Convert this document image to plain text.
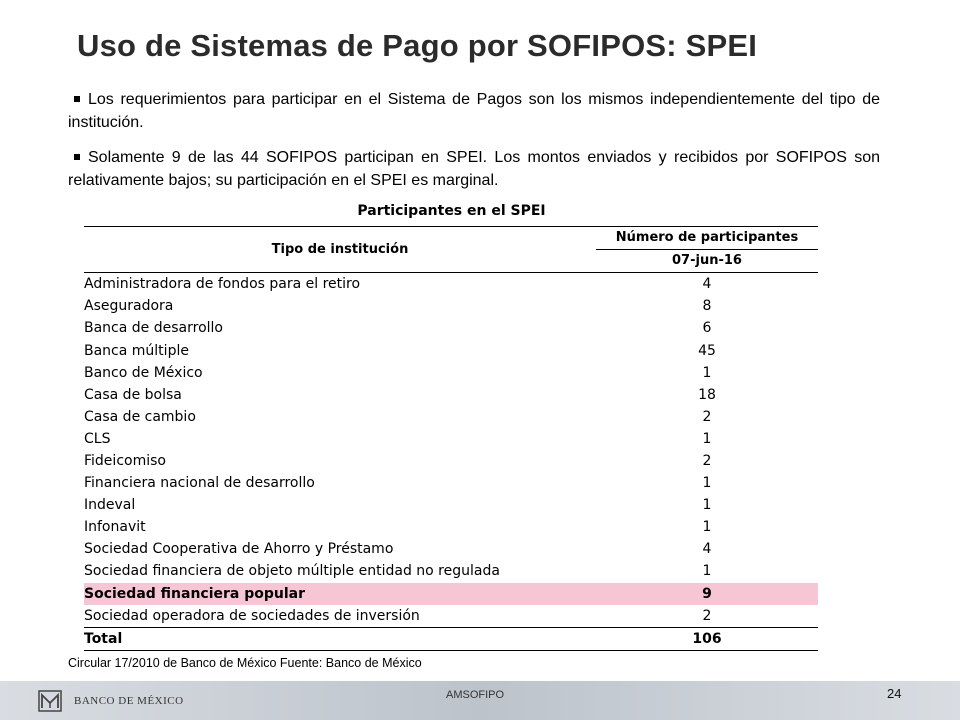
Uso de Sistemas de Pago por SOFIPOS: SPEI

Los requerimientos para participar en el Sistema de Pagos son los mismos independientemente del tipo de institución.

Solamente 9 de las 44 SOFIPOS participan en SPEI. Los montos enviados y recibidos por SOFIPOS son relativamente bajos; su participación en el SPEI es marginal.

Participantes en el SPEI
Tipo de institución	Número de participantes
	07-jun-16
Administradora de fondos para el retiro	4
Aseguradora	8
Banca de desarrollo	6
Banca múltiple	45
Banco de México	1
Casa de bolsa	18
Casa de cambio	2
CLS	1
Fideicomiso	2
Financiera nacional de desarrollo	1
Indeval	1
Infonavit	1
Sociedad Cooperativa de Ahorro y Préstamo	4
Sociedad financiera de objeto múltiple entidad no regulada	1
Sociedad financiera popular	9
Sociedad operadora de sociedades de inversión	2
Total	106
Circular 17/2010 de Banco de México Fuente: Banco de México
BANCO DE MÉXICO	AMSOFIPO	24
